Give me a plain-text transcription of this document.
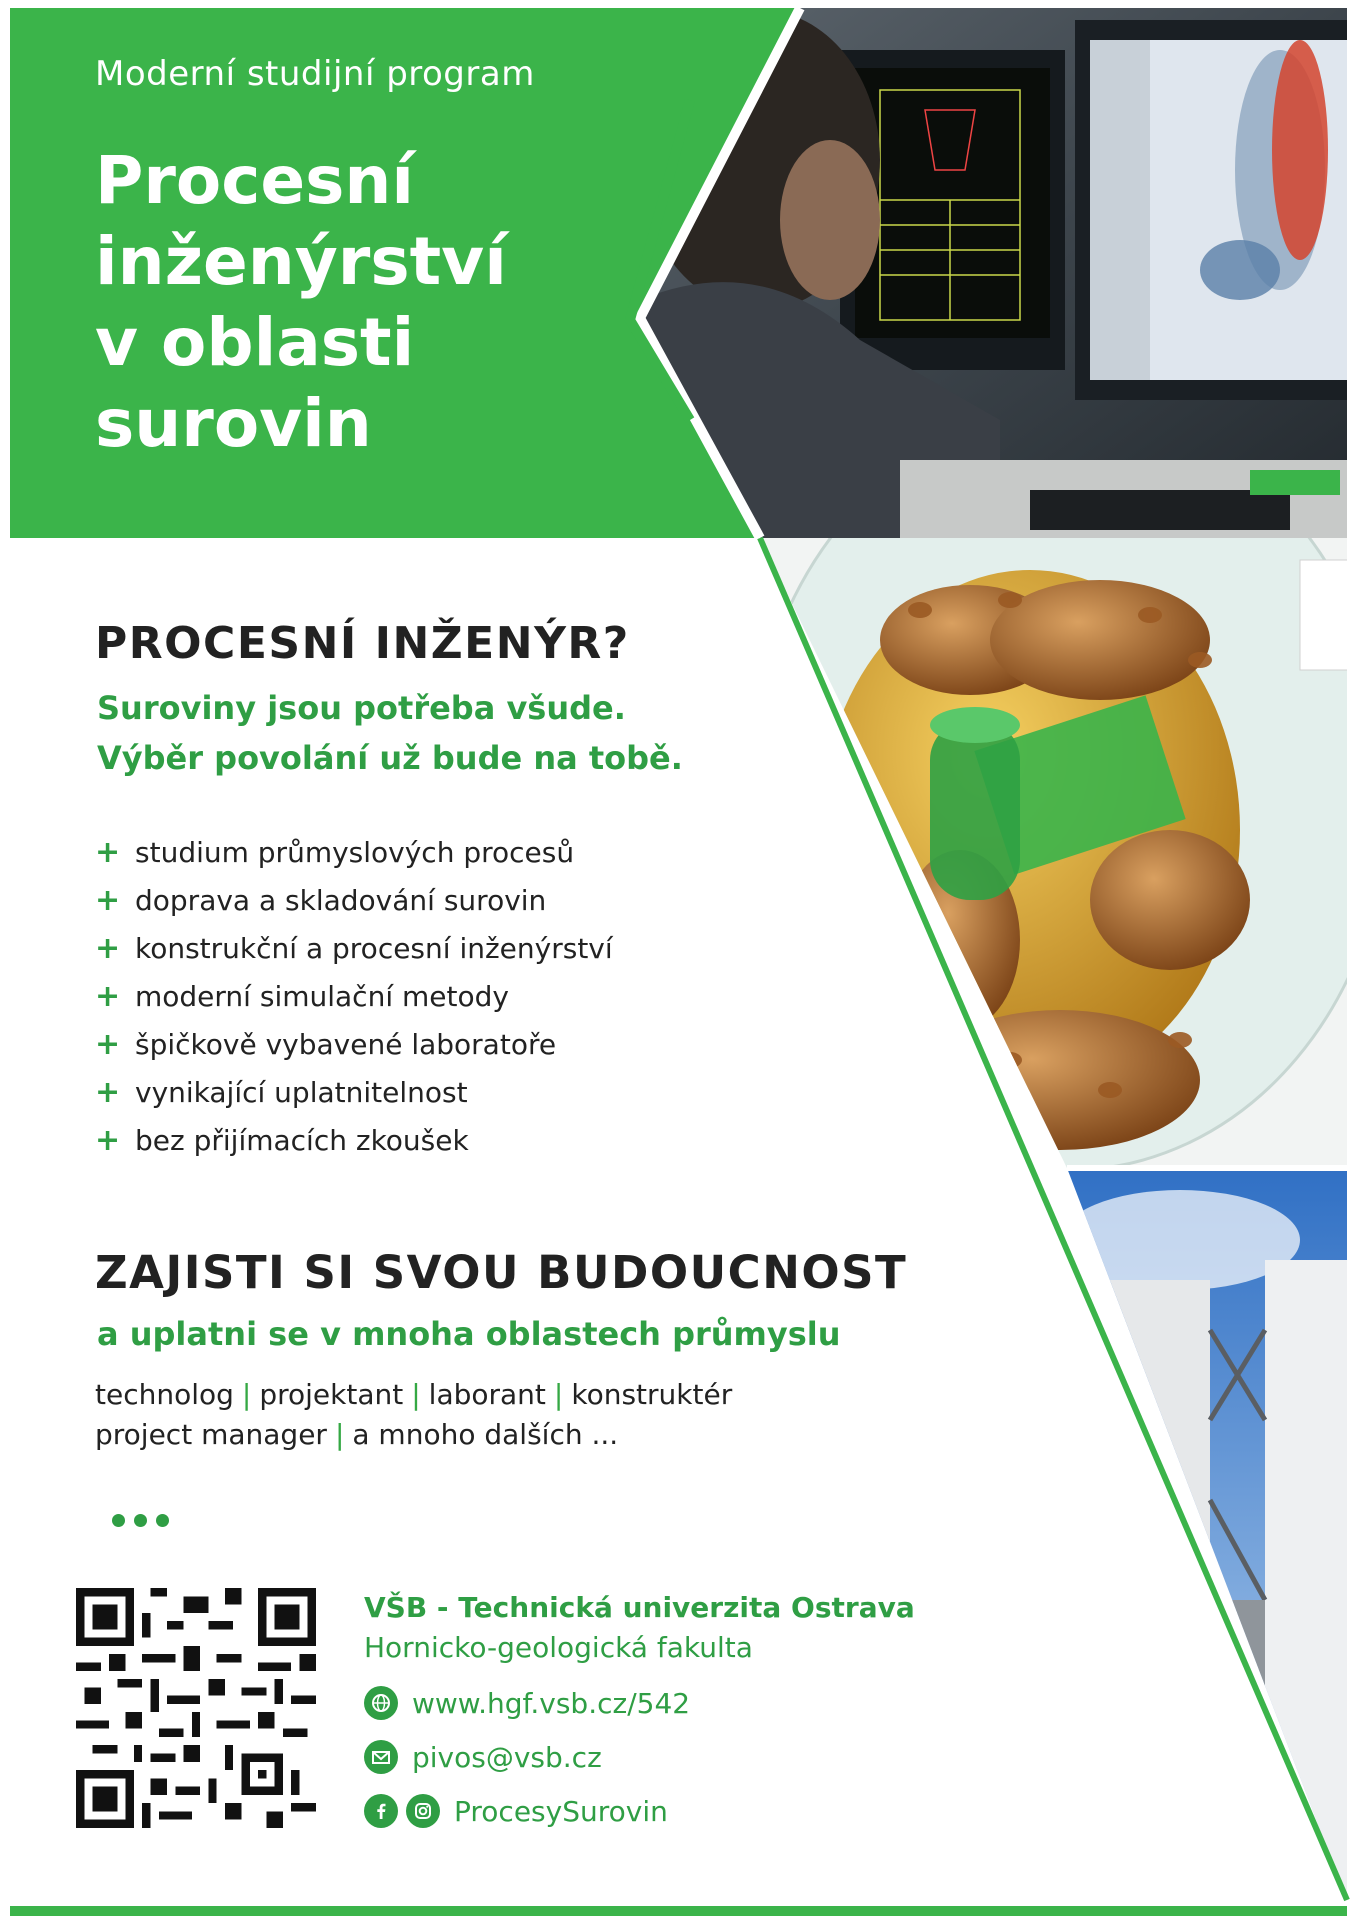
Moderní studijní program
Procesní
inženýrství
v oblasti
surovin
PROCESNÍ INŽENÝR?
Suroviny jsou potřeba všude.
Výběr povolání už bude na tobě.
+ studium průmyslových procesů
+ doprava a skladování surovin
+ konstrukční a procesní inženýrství
+ moderní simulační metody
+ špičkově vybavené laboratoře
+ vynikající uplatnitelnost
+ bez přijímacích zkoušek
ZAJISTI SI SVOU BUDOUCNOST
a uplatni se v mnoha oblastech průmyslu
technolog | projektant | laborant | konstruktér
project manager | a mnoho dalších ...
VŠB - Technická univerzita Ostrava
Hornicko-geologická fakulta
www.hgf.vsb.cz/542
pivos@vsb.cz
ProcesySurovin
